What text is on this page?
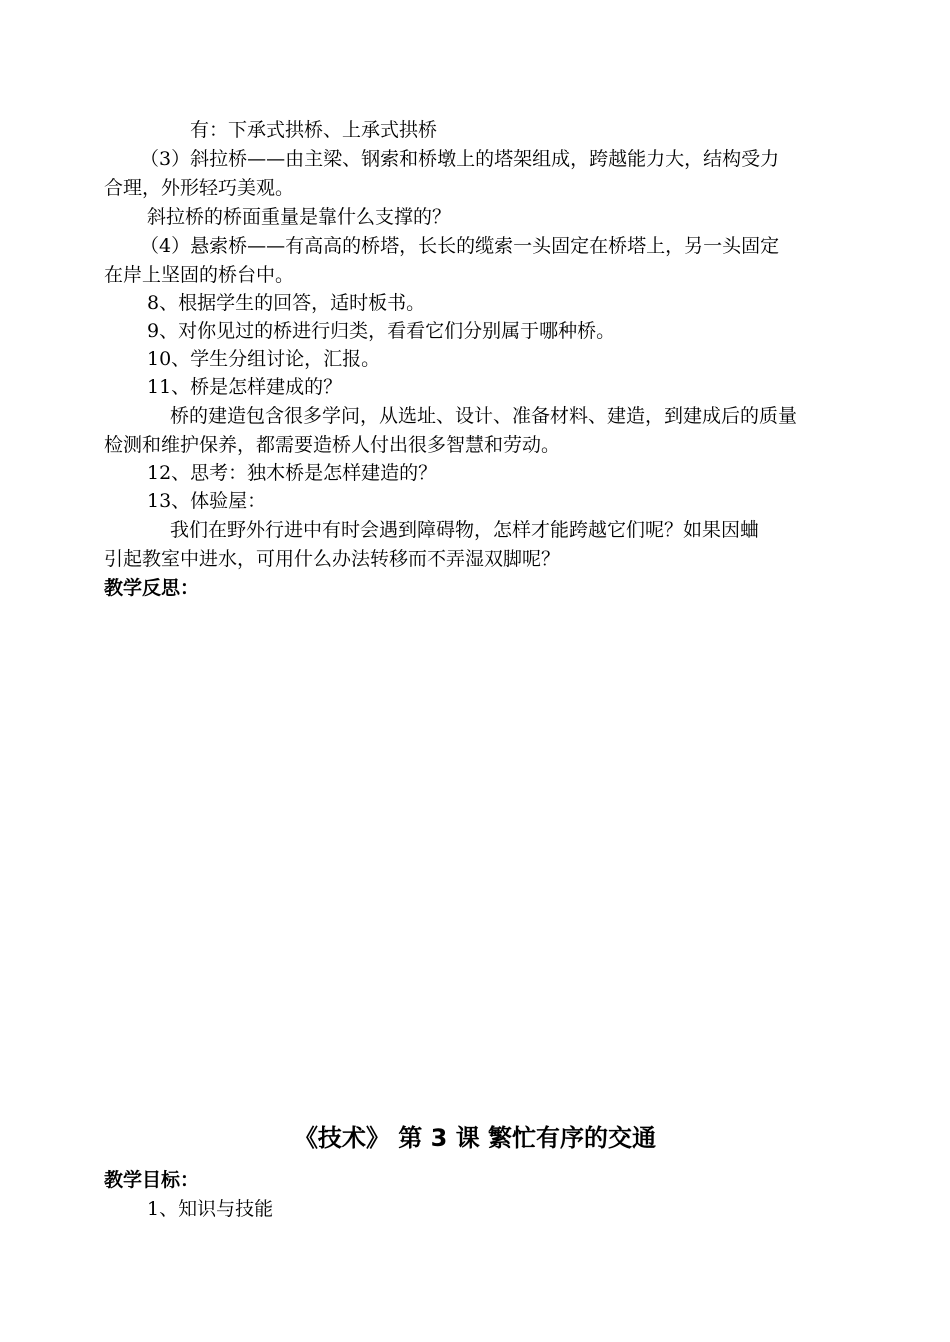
有：下承式拱桥、上承式拱桥
（3）斜拉桥——由主梁、钢索和桥墩上的塔架组成，跨越能力大，结构受力
合理，外形轻巧美观。
斜拉桥的桥面重量是靠什么支撑的？
（4）悬索桥——有高高的桥塔，长长的缆索一头固定在桥塔上，另一头固定
在岸上坚固的桥台中。
8、根据学生的回答，适时板书。
9、对你见过的桥进行归类，看看它们分别属于哪种桥。
10、学生分组讨论，汇报。
11、桥是怎样建成的？
桥的建造包含很多学问，从选址、设计、准备材料、建造，到建成后的质量
检测和维护保养，都需要造桥人付出很多智慧和劳动。
12、思考：独木桥是怎样建造的？
13、体验屋：
我们在野外行进中有时会遇到障碍物，怎样才能跨越它们呢？如果因蛐
引起教室中进水，可用什么办法转移而不弄湿双脚呢？
教学反思：
《技术》 第 3 课 繁忙有序的交通
教学目标：
1、知识与技能
